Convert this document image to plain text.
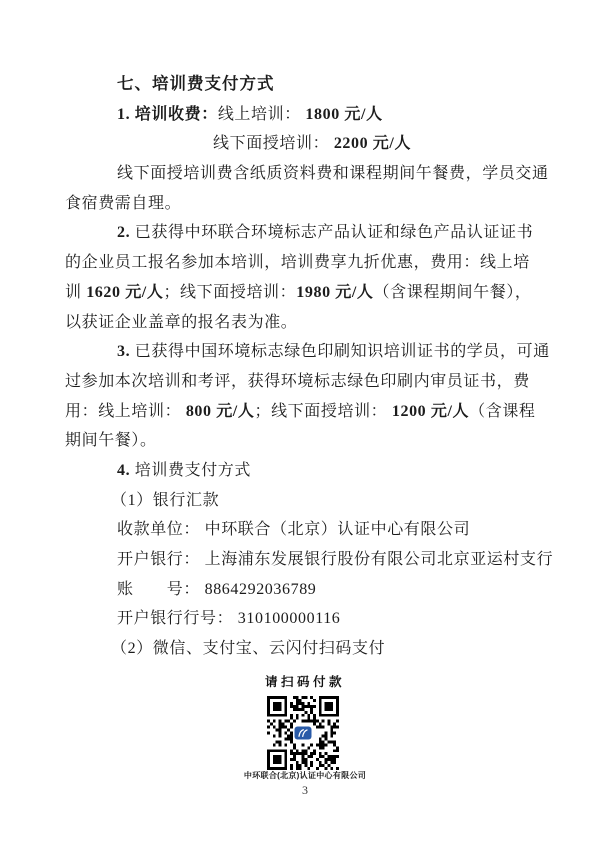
七、培训费支付方式
1. 培训收费：线上培训： 1800 元/人
线下面授培训： 2200 元/人
线下面授培训费含纸质资料费和课程期间午餐费，学员交通
食宿费需自理。
2. 已获得中环联合环境标志产品认证和绿色产品认证证书
的企业员工报名参加本培训，培训费享九折优惠，费用：线上培
训 1620 元/人；线下面授培训：1980 元/人（含课程期间午餐），
以获证企业盖章的报名表为准。
3. 已获得中国环境标志绿色印刷知识培训证书的学员，可通
过参加本次培训和考评，获得环境标志绿色印刷内审员证书，费
用：线上培训： 800 元/人；线下面授培训： 1200 元/人（含课程
期间午餐）。
4. 培训费支付方式
（1）银行汇款
收款单位： 中环联合（北京）认证中心有限公司
开户银行： 上海浦东发展银行股份有限公司北京亚运村支行
账　　号： 8864292036789
开户银行行号： 310100000116
（2）微信、支付宝、云闪付扫码支付
请扫码付款
中环联合(北京)认证中心有限公司
3
